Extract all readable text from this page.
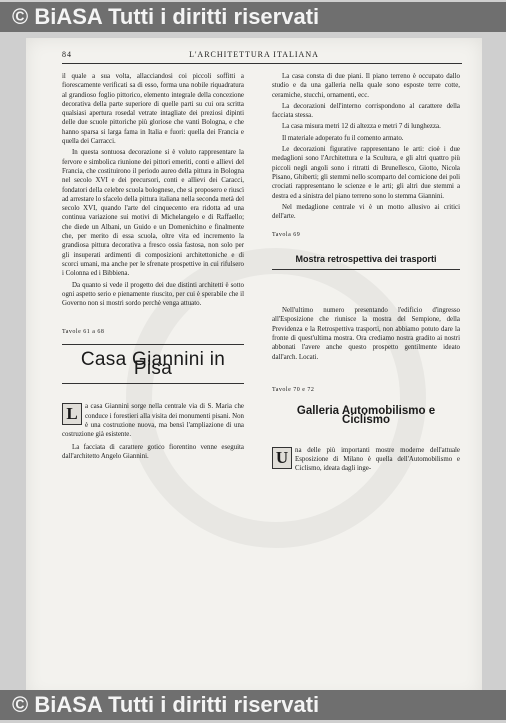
© BiASA Tutti i diritti riservati
84	L'ARCHITETTURA ITALIANA

il quale a sua volta, allacciandosi coi piccoli soffitti a fiorescamente verificati sa di esso, forma una nobile riquadratura al grandioso foglio pittorico, elemento integrale della concezione decorativa della parte superiore di quelle parti su cui ora scritta qualsiasi apertura rosedal vetrate intagliate dei preziosi dipinti delle due scuole pittoriche più gloriose che vanti Bologna, e che hanno sparsa si larga fama in Italia e fuori: quella dei Francia e quella dei Carracci.

In questa sontuosa decorazione si è voluto rappresentare la fervore e simbolica riunione dei pittori emeriti, conti e allievi del Francia, che costituirono il periodo aureo della pittura in Bologna nel secolo XVI e dei precursori, conti e allievi dei Caracci, fondatori della celebre scuola bolognese, che si proposero e riuscì ad arrestare lo sfacelo della pittura italiana nella seconda metà del secolo XVI, quando l'arte del cinquecento era ridotta ad una continua variazione sui motivi di Michelangelo e di Raffaello; che diede un Albani, un Guido e un Domenichino e finalmente che, per merito di essa scuola, oltre vita ed incremento la grandiosa pittura decorativa a fresco ossia fastosa, non solo per gli insuperati ardimenti di composizioni architettoniche e di scorci umani, ma anche per le sfrenate prospettive in cui rifulsero i Colonna ed i Bibbiena.

Da quanto si vede il progetto dei due distinti architetti è sotto ogni aspetto serio e pienamente riuscito, per cui è sperabile che il Governo non si mostri sordo perchè venga attuato.

Tavole 61 a 68
Casa Giannini in Pisa
L	a casa Giannini sorge nella centrale via di S. Maria che conduce i forestieri alla visita dei monumenti pisani. Non è una costruzione nuova, ma bensì l'ampliazione di una costruzione già esistente.

La facciata di carattere gotico fiorentino venne eseguita dall'architetto Angelo Giannini.

La casa consta di due piani. Il piano terreno è occupato dallo studio e da una galleria nella quale sono esposte terre cotte, ceramiche, stucchi, ornamenti, ecc.

La decorazioni dell'interno corrispondono al carattere della facciata stessa.

La casa misura metri 12 di altezza e metri 7 di lunghezza.

Il materiale adoperato fu il comento armato.

Le decorazioni figurative rappresentano le arti: cioè i due medaglioni sono l'Architettura e la Scultura, e gli altri quattro più piccoli negli angoli sono i ritratti di Brunellesco, Giotto, Nicola Pisano, Ghiberti; gli stemmi nello scomparto del cornicione dei poli crociati rappresentano le scienze e le arti; gli altri due stemmi a destra ed a sinistra del piano terreno sono lo stemma Giannini.

Nel medaglione centrale vi è un motto allusivo ai critici dell'arte.

Tavola 69
Mostra retrospettiva dei trasporti

Nell'ultimo numero presentando l'edificio d'ingresso all'Esposizione che riunisce la mostra del Sempione, della Previdenza e la Retrospettiva trasporti, non abbiamo potuto dare la fronte di quest'ultima mostra. Ora crediamo nostra gradito ai nostri abbonati l'avere anche questo prospetto gentilmente ideato dall'arch. Locati.

Tavole 70 e 72
Galleria Automobilismo e Ciclismo
U na delle più importanti mostre moderne dell'attuale Esposizione di Milano è quella dell'Automobilismo e Ciclismo, ideata dagli inge-
© BiASA Tutti i diritti riservati
